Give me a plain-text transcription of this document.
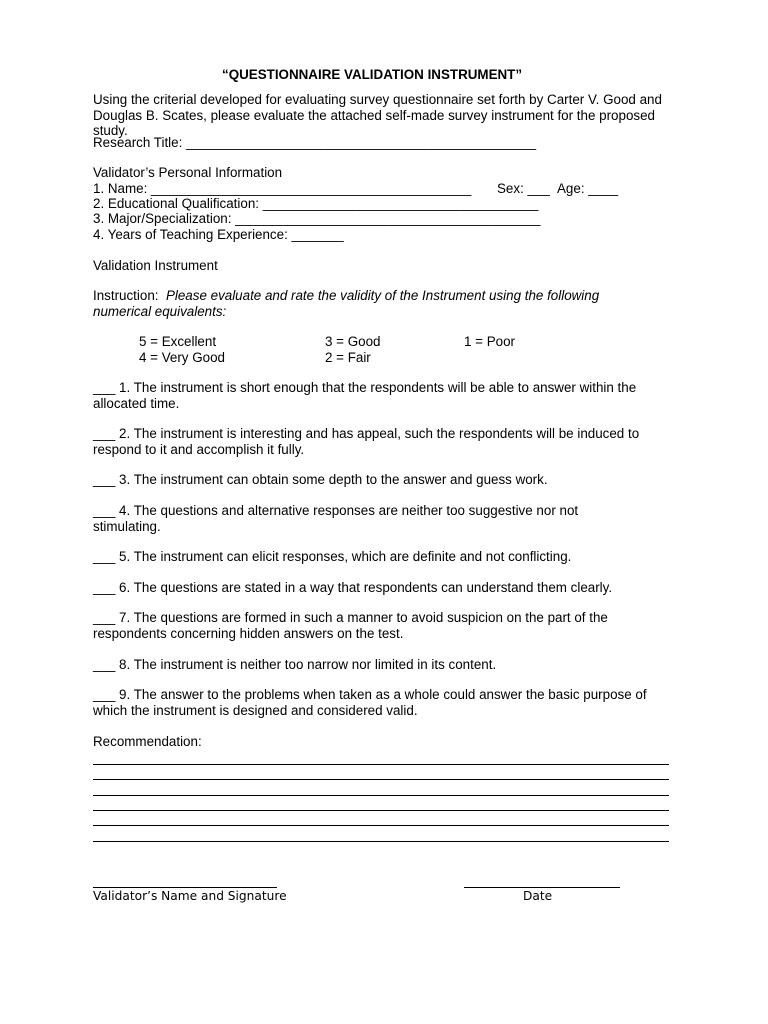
“QUESTIONNAIRE VALIDATION INSTRUMENT”
Using the criterial developed for evaluating survey questionnaire set forth by Carter V. Good and Douglas B. Scates, please evaluate the attached self-made survey instrument for the proposed study.
Research Title: _______________________________________________
Validator’s Personal Information
1. Name: ___________________________________________ Sex: ___ Age: ____
2. Educational Qualification: _____________________________________
3. Major/Specialization: _________________________________________
4. Years of Teaching Experience: _______
Validation Instrument
Instruction: Please evaluate and rate the validity of the Instrument using the following numerical equivalents:
5 = Excellent
4 = Very Good
3 = Good
2 = Fair
1 = Poor
___ 1. The instrument is short enough that the respondents will be able to answer within the allocated time.
___ 2. The instrument is interesting and has appeal, such the respondents will be induced to respond to it and accomplish it fully.
___ 3. The instrument can obtain some depth to the answer and guess work.
___ 4. The questions and alternative responses are neither too suggestive nor not stimulating.
___ 5. The instrument can elicit responses, which are definite and not conflicting.
___ 6. The questions are stated in a way that respondents can understand them clearly.
___ 7. The questions are formed in such a manner to avoid suspicion on the part of the respondents concerning hidden answers on the test.
___ 8. The instrument is neither too narrow nor limited in its content.
___ 9. The answer to the problems when taken as a whole could answer the basic purpose of which the instrument is designed and considered valid.
Recommendation:
Validator’s Name and Signature	Date
